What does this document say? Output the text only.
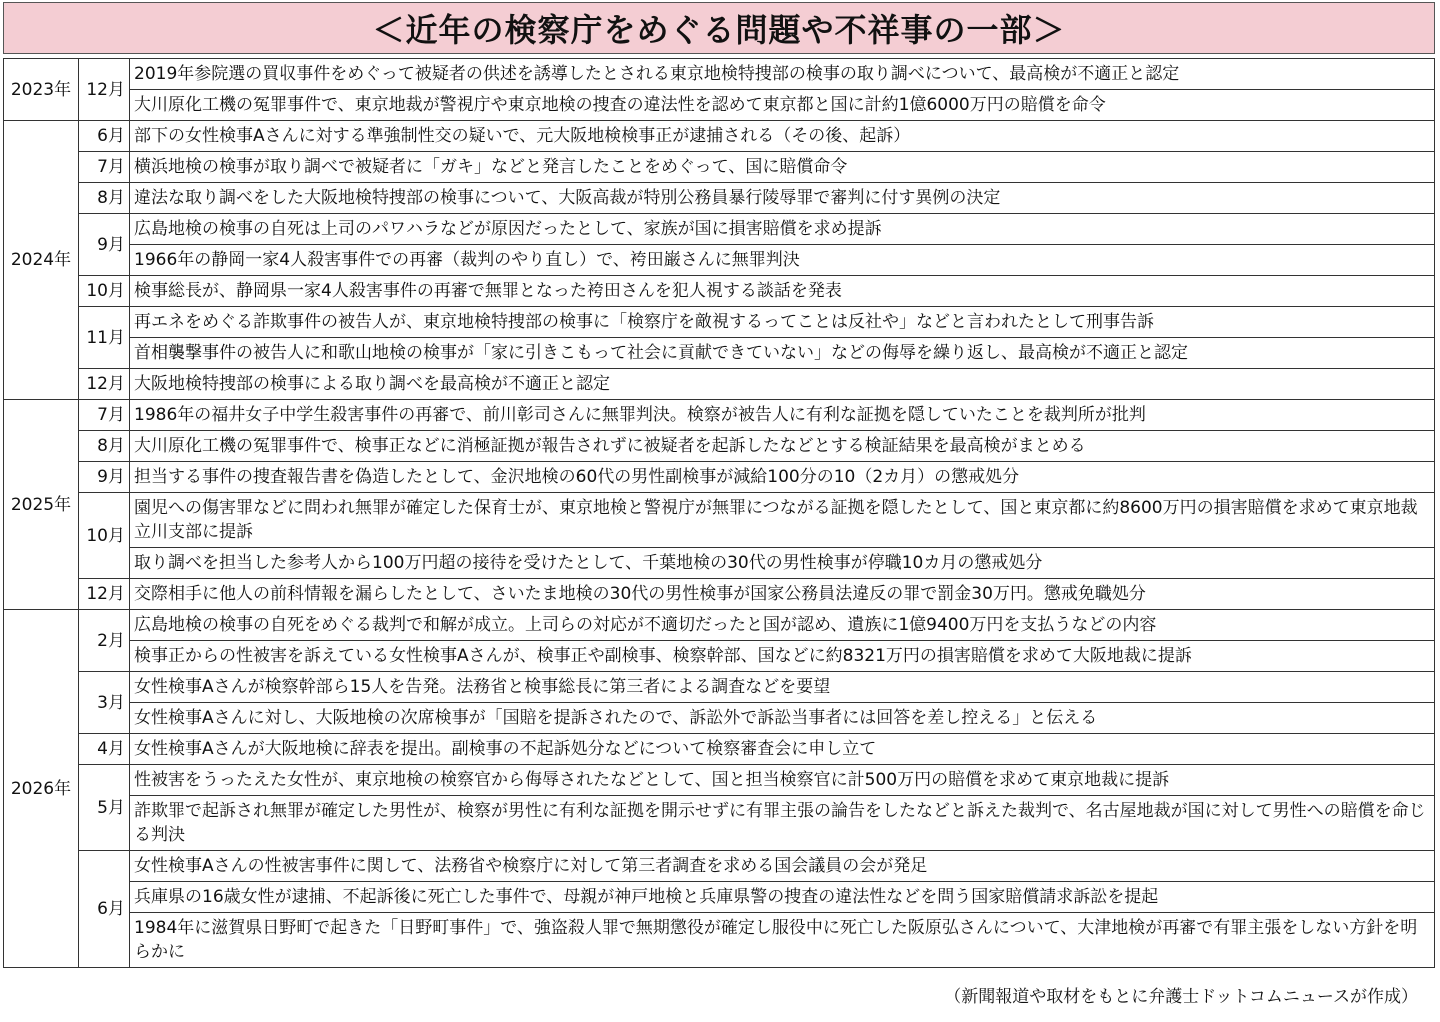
＜近年の検察庁をめぐる問題や不祥事の一部＞
2023年	12月	2019年参院選の買収事件をめぐって被疑者の供述を誘導したとされる東京地検特捜部の検事の取り調べについて、最高検が不適正と認定
		大川原化工機の冤罪事件で、東京地裁が警視庁や東京地検の捜査の違法性を認めて東京都と国に計約1億6000万円の賠償を命令
2024年	6月	部下の女性検事Aさんに対する準強制性交の疑いで、元大阪地検検事正が逮捕される（その後、起訴）
	7月	横浜地検の検事が取り調べで被疑者に「ガキ」などと発言したことをめぐって、国に賠償命令
	8月	違法な取り調べをした大阪地検特捜部の検事について、大阪高裁が特別公務員暴行陵辱罪で審判に付す異例の決定
	9月	広島地検の検事の自死は上司のパワハラなどが原因だったとして、家族が国に損害賠償を求め提訴
		1966年の静岡一家4人殺害事件での再審（裁判のやり直し）で、袴田巌さんに無罪判決
	10月	検事総長が、静岡県一家4人殺害事件の再審で無罪となった袴田さんを犯人視する談話を発表
	11月	再エネをめぐる詐欺事件の被告人が、東京地検特捜部の検事に「検察庁を敵視するってことは反社や」などと言われたとして刑事告訴
		首相襲撃事件の被告人に和歌山地検の検事が「家に引きこもって社会に貢献できていない」などの侮辱を繰り返し、最高検が不適正と認定
	12月	大阪地検特捜部の検事による取り調べを最高検が不適正と認定
2025年	7月	1986年の福井女子中学生殺害事件の再審で、前川彰司さんに無罪判決。検察が被告人に有利な証拠を隠していたことを裁判所が批判
	8月	大川原化工機の冤罪事件で、検事正などに消極証拠が報告されずに被疑者を起訴したなどとする検証結果を最高検がまとめる
	9月	担当する事件の捜査報告書を偽造したとして、金沢地検の60代の男性副検事が減給100分の10（2カ月）の懲戒処分
	10月	園児への傷害罪などに問われ無罪が確定した保育士が、東京地検と警視庁が無罪につながる証拠を隠したとして、国と東京都に約8600万円の損害賠償を求めて東京地裁立川支部に提訴
		取り調べを担当した参考人から100万円超の接待を受けたとして、千葉地検の30代の男性検事が停職10カ月の懲戒処分
	12月	交際相手に他人の前科情報を漏らしたとして、さいたま地検の30代の男性検事が国家公務員法違反の罪で罰金30万円。懲戒免職処分
2026年	2月	広島地検の検事の自死をめぐる裁判で和解が成立。上司らの対応が不適切だったと国が認め、遺族に1億9400万円を支払うなどの内容
		検事正からの性被害を訴えている女性検事Aさんが、検事正や副検事、検察幹部、国などに約8321万円の損害賠償を求めて大阪地裁に提訴
	3月	女性検事Aさんが検察幹部ら15人を告発。法務省と検事総長に第三者による調査などを要望
		女性検事Aさんに対し、大阪地検の次席検事が「国賠を提訴されたので、訴訟外で訴訟当事者には回答を差し控える」と伝える
	4月	女性検事Aさんが大阪地検に辞表を提出。副検事の不起訴処分などについて検察審査会に申し立て
	5月	性被害をうったえた女性が、東京地検の検察官から侮辱されたなどとして、国と担当検察官に計500万円の賠償を求めて東京地裁に提訴
		詐欺罪で起訴され無罪が確定した男性が、検察が男性に有利な証拠を開示せずに有罪主張の論告をしたなどと訴えた裁判で、名古屋地裁が国に対して男性への賠償を命じる判決
	6月	女性検事Aさんの性被害事件に関して、法務省や検察庁に対して第三者調査を求める国会議員の会が発足
		兵庫県の16歳女性が逮捕、不起訴後に死亡した事件で、母親が神戸地検と兵庫県警の捜査の違法性などを問う国家賠償請求訴訟を提起
		1984年に滋賀県日野町で起きた「日野町事件」で、強盗殺人罪で無期懲役が確定し服役中に死亡した阪原弘さんについて、大津地検が再審で有罪主張をしない方針を明らかに
（新聞報道や取材をもとに弁護士ドットコムニュースが作成）
